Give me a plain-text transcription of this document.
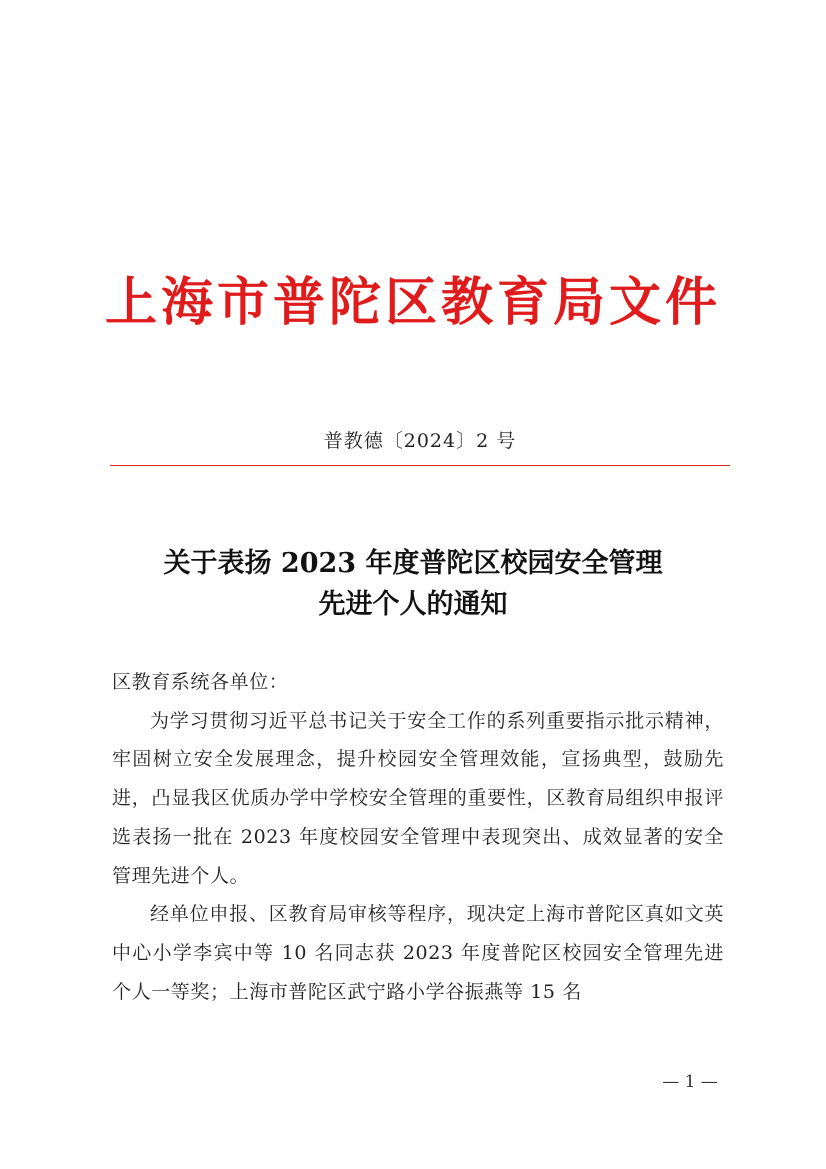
上海市普陀区教育局文件
普教德〔2024〕2 号
关于表扬 2023 年度普陀区校园安全管理
先进个人的通知

区教育系统各单位：

为学习贯彻习近平总书记关于安全工作的系列重要指示批示精神，牢固树立安全发展理念，提升校园安全管理效能，宣扬典型，鼓励先进，凸显我区优质办学中学校安全管理的重要性，区教育局组织申报评选表扬一批在 2023 年度校园安全管理中表现突出、成效显著的安全管理先进个人。

经单位申报、区教育局审核等程序，现决定上海市普陀区真如文英中心小学李宾中等 10 名同志获 2023 年度普陀区校园安全管理先进个人一等奖；上海市普陀区武宁路小学谷振燕等 15 名

— 1 —
